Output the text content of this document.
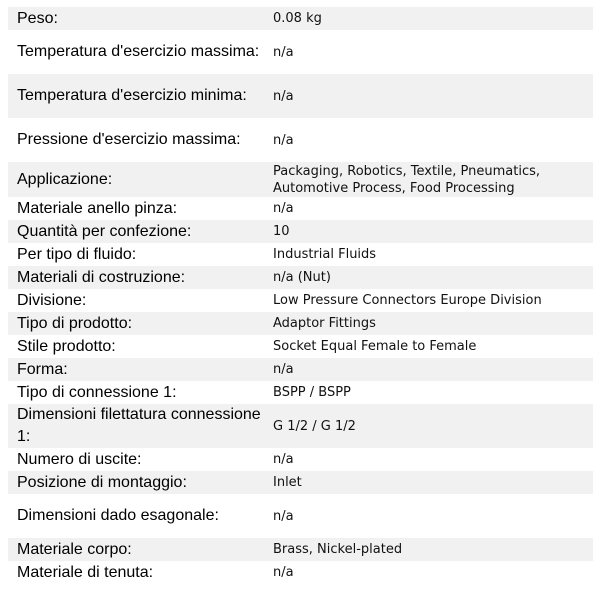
Peso:	0.08 kg
Temperatura d'esercizio massima:	n/a
Temperatura d'esercizio minima:	n/a
Pressione d'esercizio massima:	n/a
Applicazione:	Packaging, Robotics, Textile, Pneumatics, Automotive Process, Food Processing
Materiale anello pinza:	n/a
Quantità per confezione:	10
Per tipo di fluido:	Industrial Fluids
Materiali di costruzione:	n/a (Nut)
Divisione:	Low Pressure Connectors Europe Division
Tipo di prodotto:	Adaptor Fittings
Stile prodotto:	Socket Equal Female to Female
Forma:	n/a
Tipo di connessione 1:	BSPP / BSPP
Dimensioni filettatura connessione 1:	G 1/2 / G 1/2
Numero di uscite:	n/a
Posizione di montaggio:	Inlet
Dimensioni dado esagonale:	n/a
Materiale corpo:	Brass, Nickel-plated
Materiale di tenuta:	n/a
